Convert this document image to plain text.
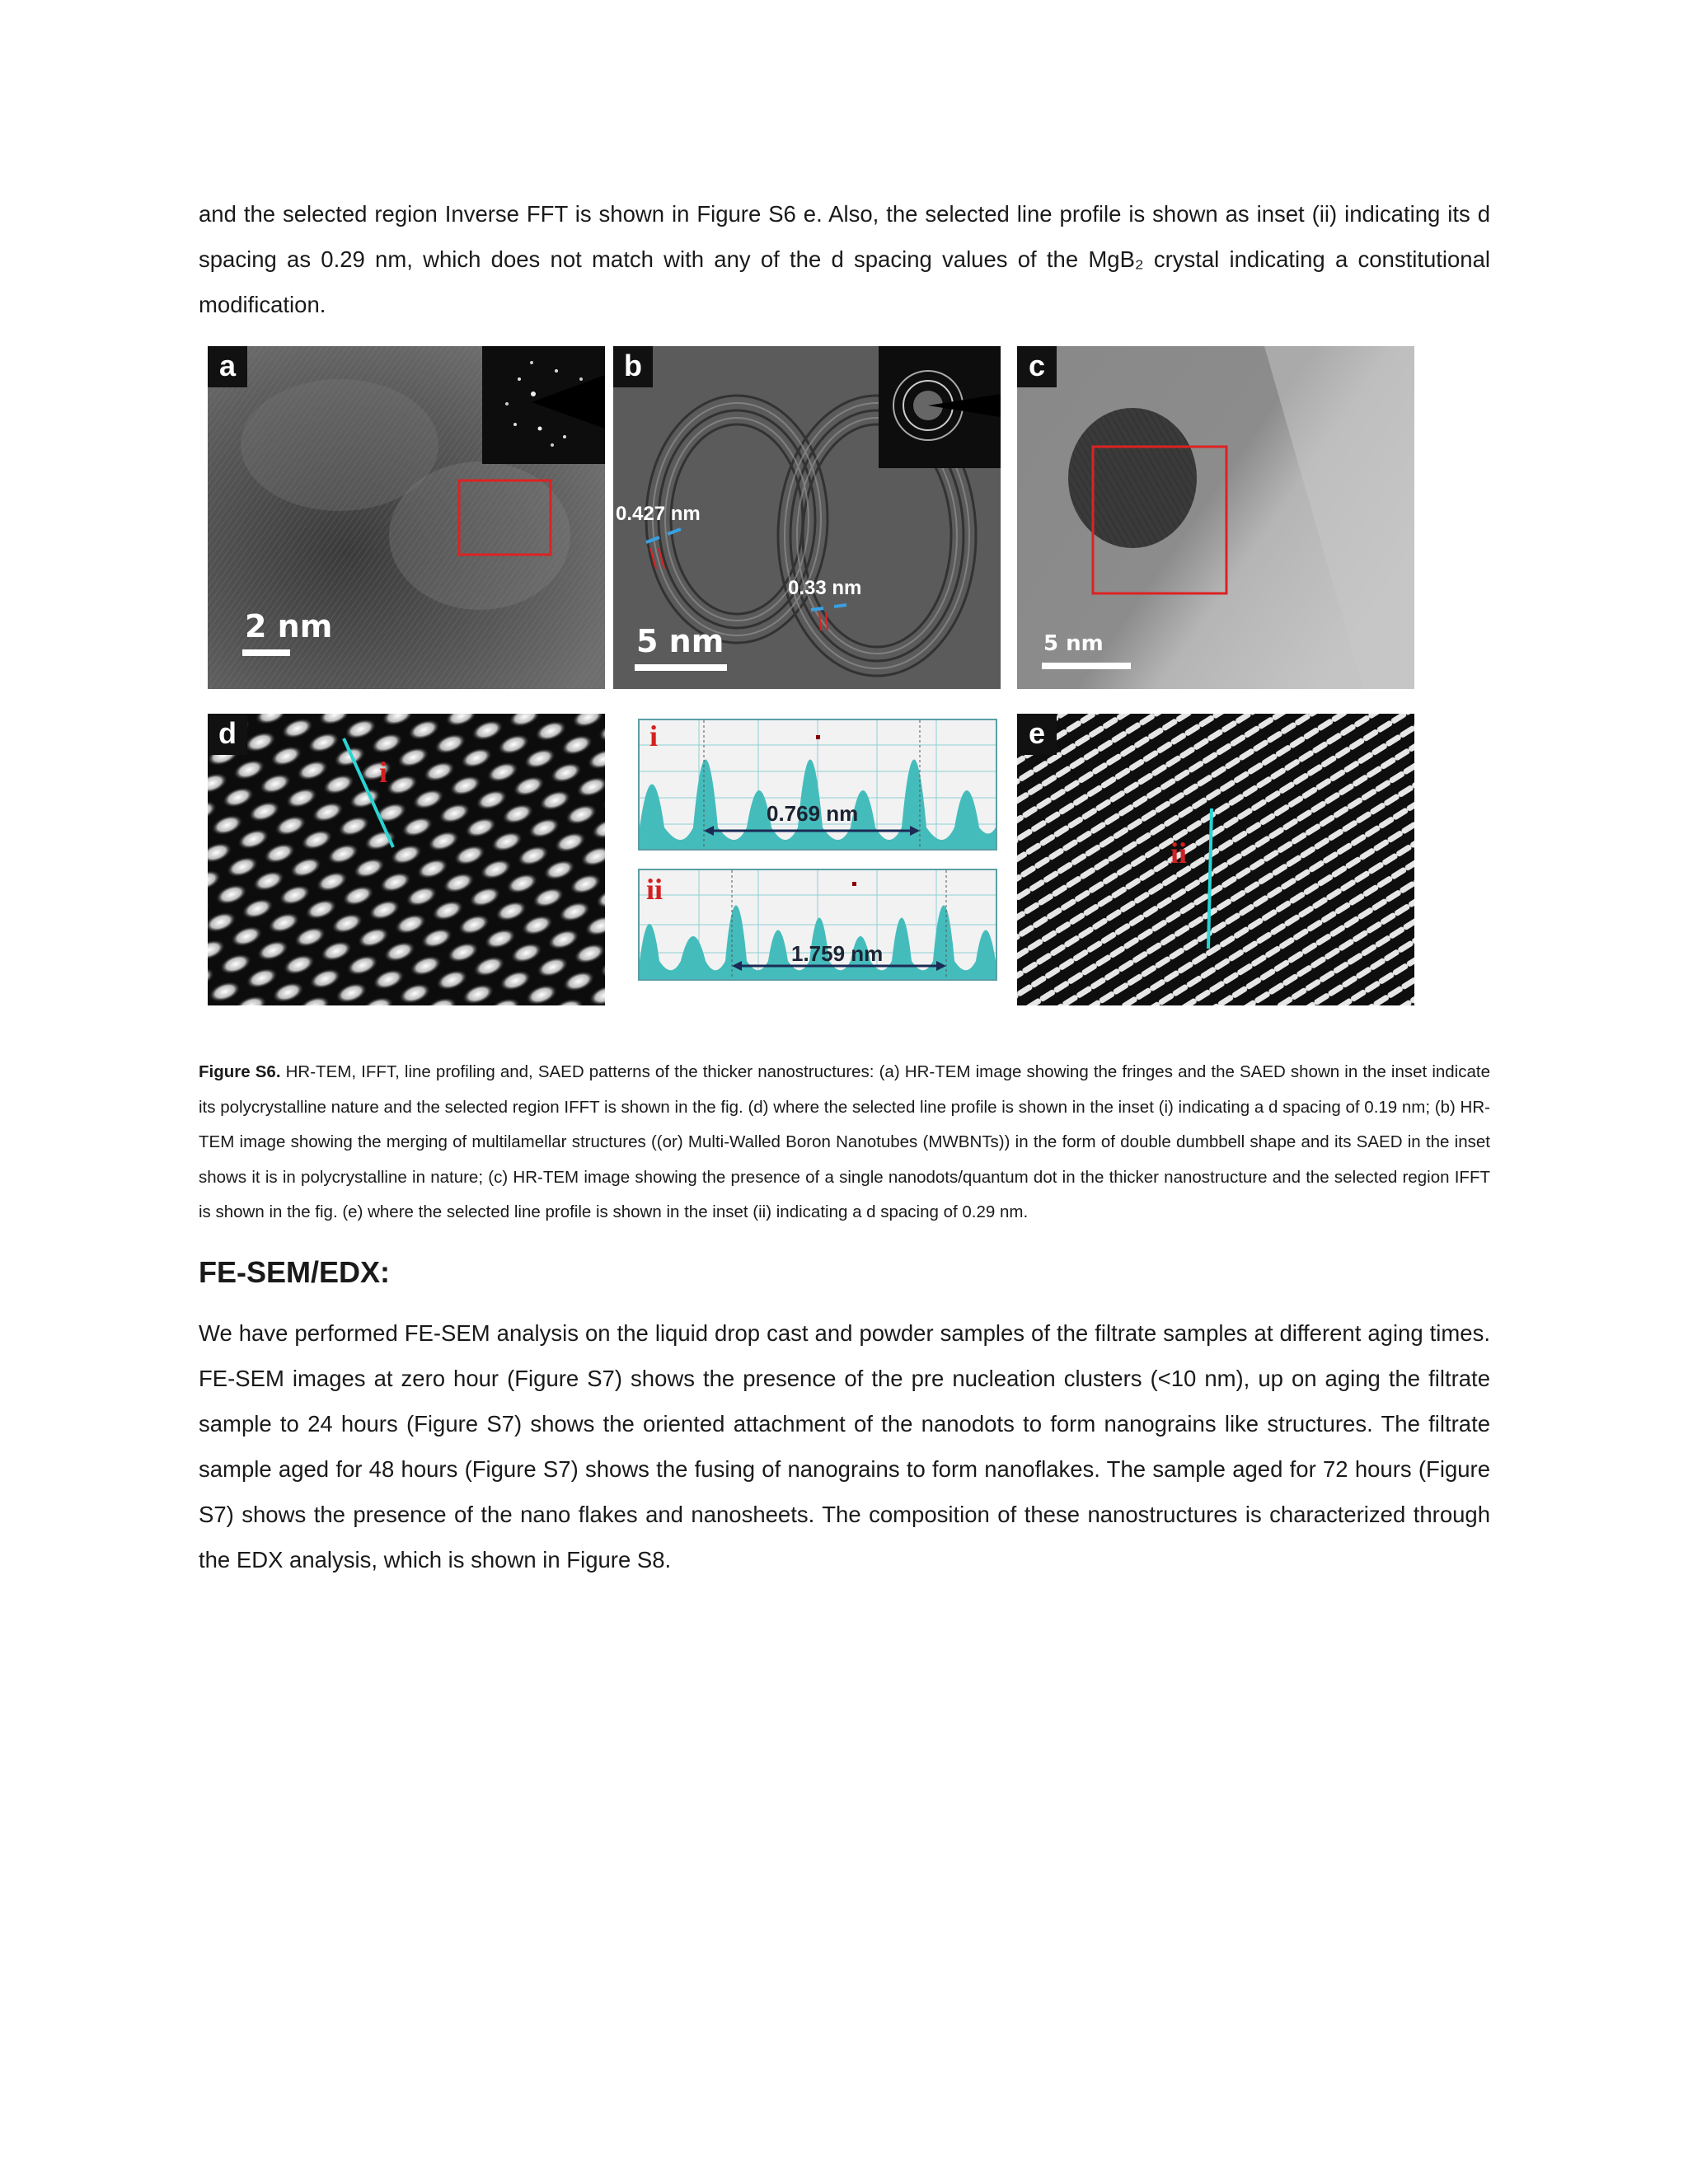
and the selected region Inverse FFT is shown in Figure S6 e. Also, the selected line profile is shown as inset (ii) indicating its d spacing as 0.29 nm, which does not match with any of the d spacing values of the MgB₂ crystal indicating a constitutional modification.

a
2 nm
b
0.427 nm
0.33 nm
5 nm
c
5 nm
d
i
i
0.769 nm
ii
1.759 nm
e
ii

Figure S6. HR-TEM, IFFT, line profiling and, SAED patterns of the thicker nanostructures: (a) HR-TEM image showing the fringes and the SAED shown in the inset indicate its polycrystalline nature and the selected region IFFT is shown in the fig. (d) where the selected line profile is shown in the inset (i) indicating a d spacing of 0.19 nm; (b) HR-TEM image showing the merging of multilamellar structures ((or) Multi-Walled Boron Nanotubes (MWBNTs)) in the form of double dumbbell shape and its SAED in the inset shows it is in polycrystalline in nature; (c) HR-TEM image showing the presence of a single nanodots/quantum dot in the thicker nanostructure and the selected region IFFT is shown in the fig. (e) where the selected line profile is shown in the inset (ii) indicating a d spacing of 0.29 nm.

FE-SEM/EDX:

We have performed FE-SEM analysis on the liquid drop cast and powder samples of the filtrate samples at different aging times. FE-SEM images at zero hour (Figure S7) shows the presence of the pre nucleation clusters (<10 nm), up on aging the filtrate sample to 24 hours (Figure S7) shows the oriented attachment of the nanodots to form nanograins like structures. The filtrate sample aged for 48 hours (Figure S7) shows the fusing of nanograins to form nanoflakes. The sample aged for 72 hours (Figure S7) shows the presence of the nano flakes and nanosheets. The composition of these nanostructures is characterized through the EDX analysis, which is shown in Figure S8.
